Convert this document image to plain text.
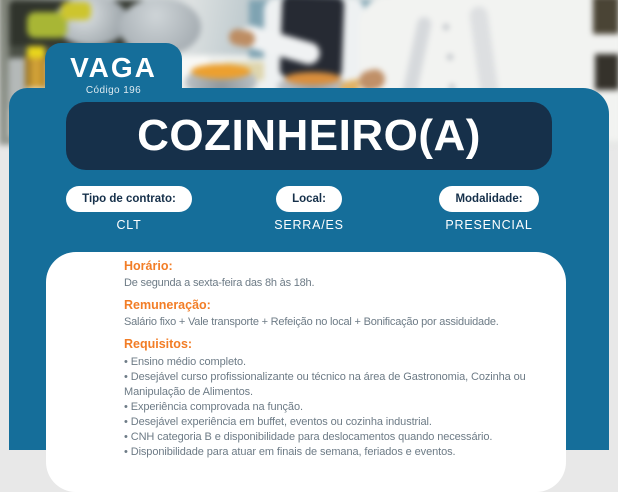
VAGA
Código 196
COZINHEIRO(A)
Tipo de contrato:
CLT
Local:
SERRA/ES
Modalidade:
PRESENCIAL
Horário:
De segunda a sexta-feira das 8h às 18h.
Remuneração:
Salário fixo + Vale transporte + Refeição no local + Bonificação por assiduidade.
Requisitos:
• Ensino médio completo.
• Desejável curso profissionalizante ou técnico na área de Gastronomia, Cozinha ou Manipulação de Alimentos.
• Experiência comprovada na função.
• Desejável experiência em buffet, eventos ou cozinha industrial.
• CNH categoria B e disponibilidade para deslocamentos quando necessário.
• Disponibilidade para atuar em finais de semana, feriados e eventos.
